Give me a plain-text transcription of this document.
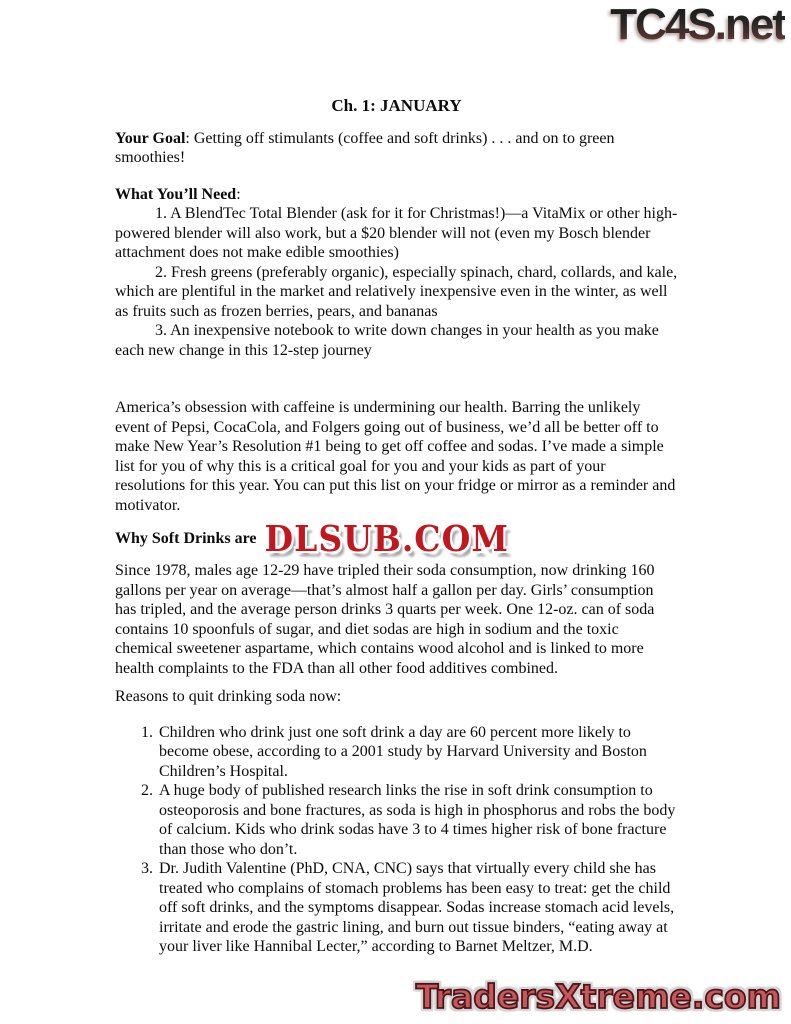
TC4S.net
Ch. 1: JANUARY

Your Goal: Getting off stimulants (coffee and soft drinks) . . . and on to green smoothies!

What You’ll Need:

1. A BlendTec Total Blender (ask for it for Christmas!)—a VitaMix or other high-powered blender will also work, but a $20 blender will not (even my Bosch blender attachment does not make edible smoothies)

2. Fresh greens (preferably organic), especially spinach, chard, collards, and kale, which are plentiful in the market and relatively inexpensive even in the winter, as well as fruits such as frozen berries, pears, and bananas

3. An inexpensive notebook to write down changes in your health as you make each new change in this 12-step journey

America’s obsession with caffeine is undermining our health. Barring the unlikely event of Pepsi, CocaCola, and Folgers going out of business, we’d all be better off to make New Year’s Resolution #1 being to get off coffee and sodas. I’ve made a simple list for you of why this is a critical goal for you and your kids as part of your resolutions for this year. You can put this list on your fridge or mirror as a reminder and motivator.

Why Soft Drinks are DLSUB.COM

Since 1978, males age 12-29 have tripled their soda consumption, now drinking 160 gallons per year on average—that’s almost half a gallon per day. Girls’ consumption has tripled, and the average person drinks 3 quarts per week. One 12-oz. can of soda contains 10 spoonfuls of sugar, and diet sodas are high in sodium and the toxic chemical sweetener aspartame, which contains wood alcohol and is linked to more health complaints to the FDA than all other food additives combined.

Reasons to quit drinking soda now:

1. Children who drink just one soft drink a day are 60 percent more likely to become obese, according to a 2001 study by Harvard University and Boston Children’s Hospital.
2. A huge body of published research links the rise in soft drink consumption to osteoporosis and bone fractures, as soda is high in phosphorus and robs the body of calcium. Kids who drink sodas have 3 to 4 times higher risk of bone fracture than those who don’t.
3. Dr. Judith Valentine (PhD, CNA, CNC) says that virtually every child she has treated who complains of stomach problems has been easy to treat: get the child off soft drinks, and the symptoms disappear. Sodas increase stomach acid levels, irritate and erode the gastric lining, and burn out tissue binders, “eating away at your liver like Hannibal Lecter,” according to Barnet Meltzer, M.D.
TradersXtreme.com
